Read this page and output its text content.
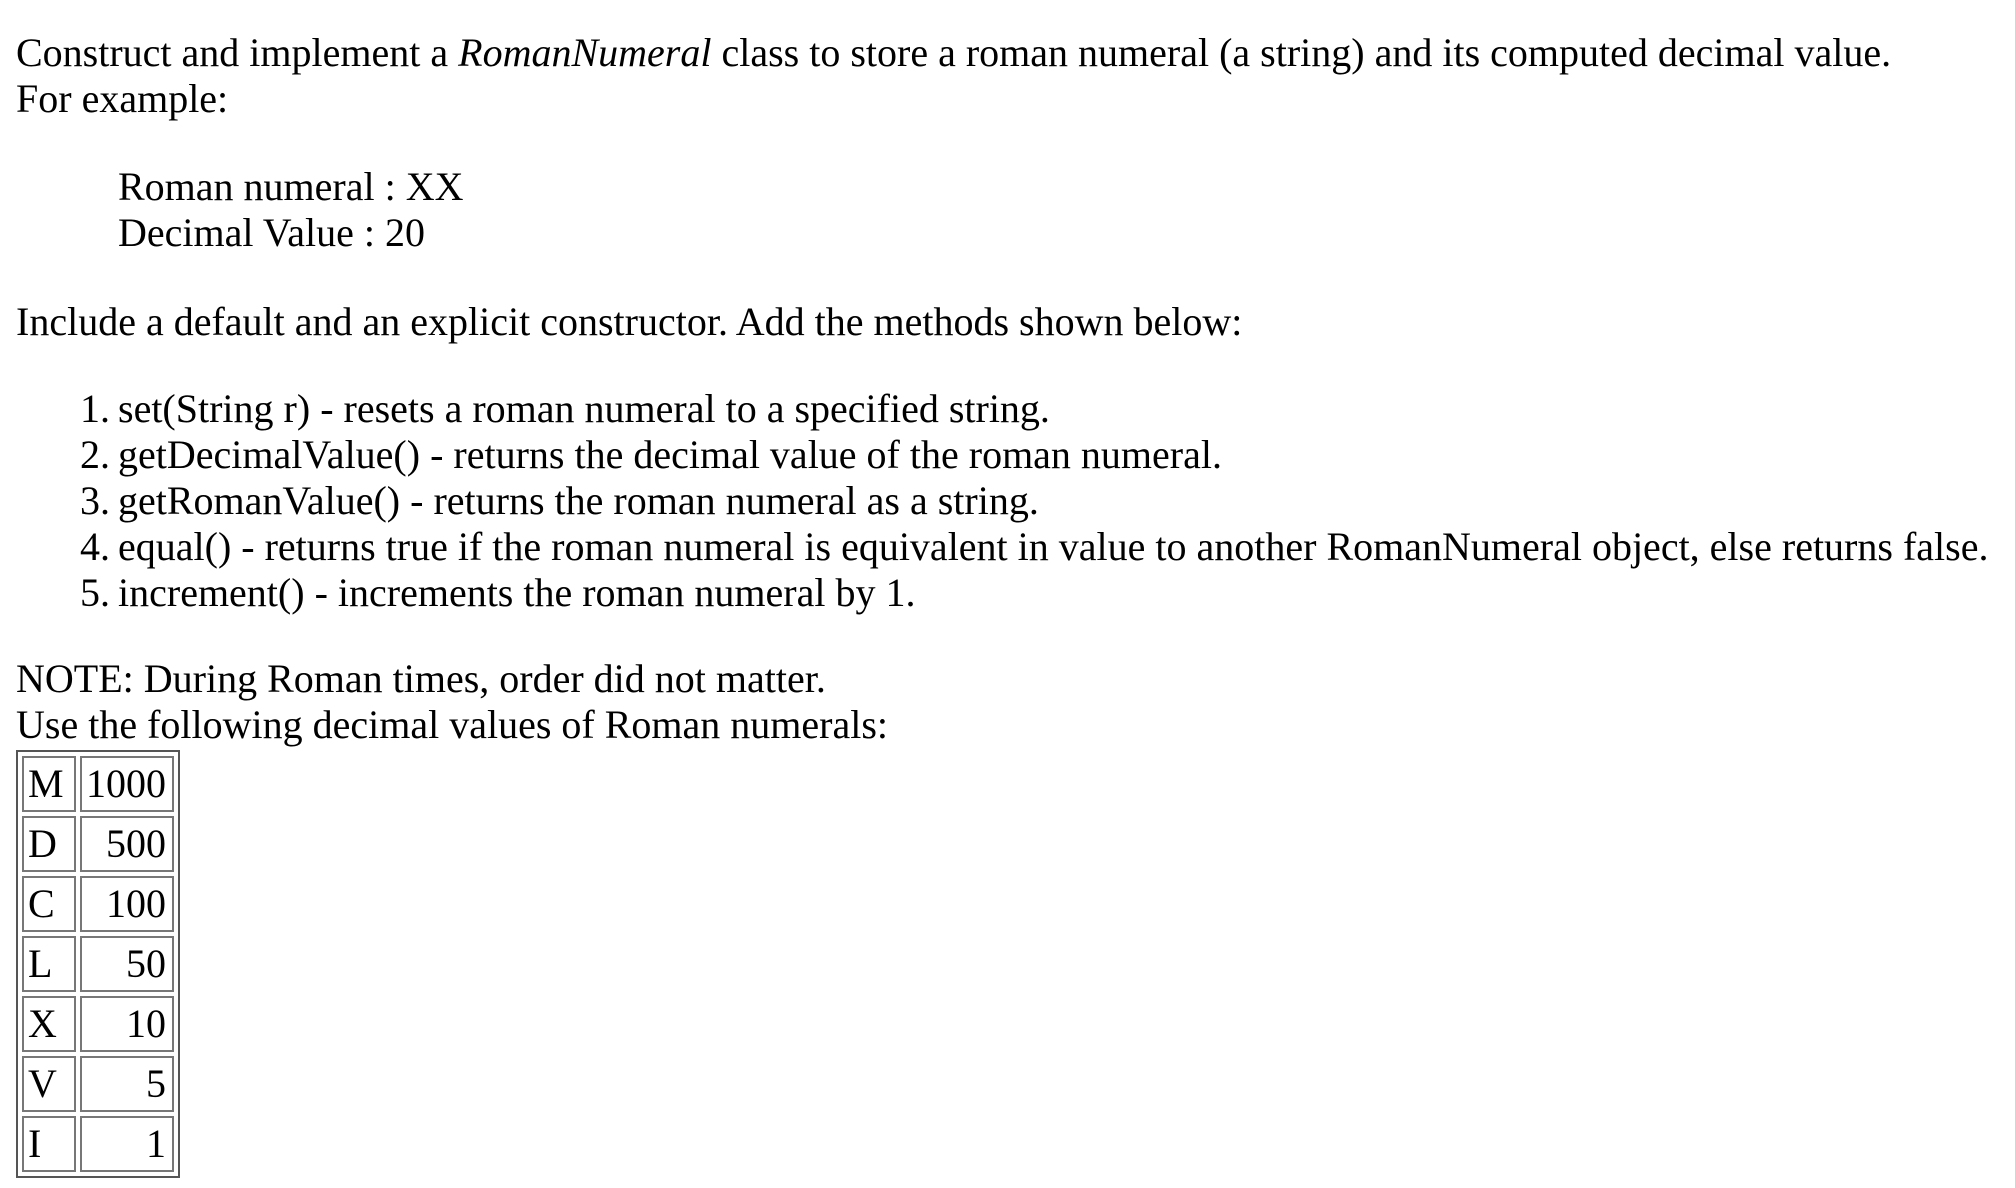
Construct and implement a RomanNumeral class to store a roman numeral (a string) and its computed decimal value.

For example:

Roman numeral : XX

Decimal Value : 20

Include a default and an explicit constructor. Add the methods shown below:

1. set(String r) - resets a roman numeral to a specified string.
2. getDecimalValue() - returns the decimal value of the roman numeral.
3. getRomanValue() - returns the roman numeral as a string.
4. equal() - returns true if the roman numeral is equivalent in value to another RomanNumeral object, else returns false.
5. increment() - increments the roman numeral by 1.

NOTE: During Roman times, order did not matter.

Use the following decimal values of Roman numerals:

M	1000
D	500
C	100
L	50
X	10
V	5
I	1
